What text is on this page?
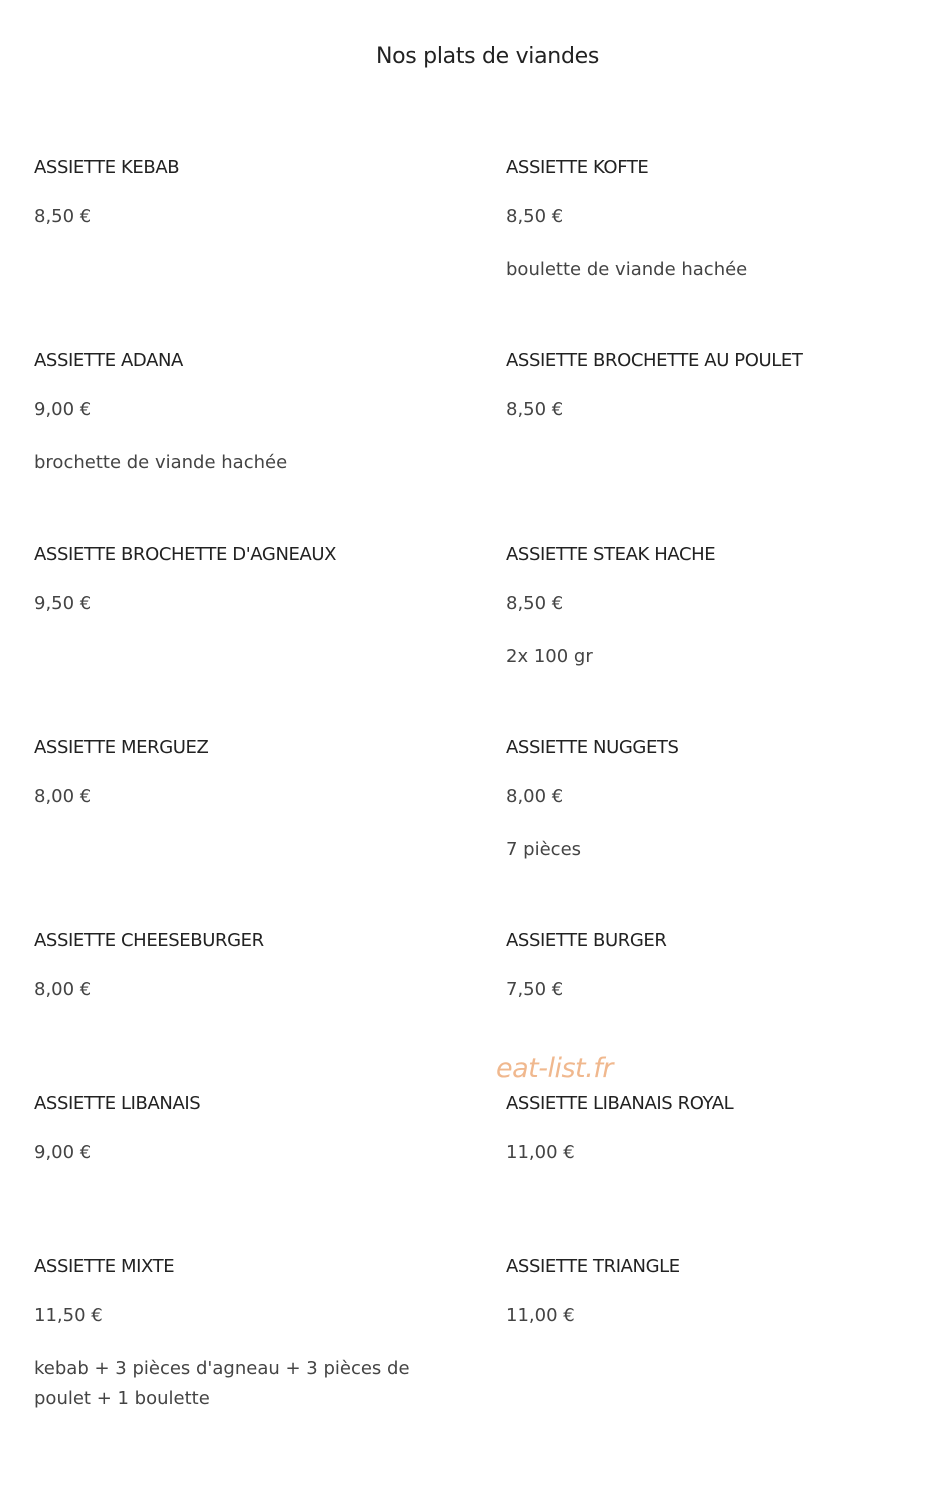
Nos plats de viandes
ASSIETTE KEBAB
8,50 €
ASSIETTE KOFTE
8,50 €
boulette de viande hachée
ASSIETTE ADANA
9,00 €
brochette de viande hachée
ASSIETTE BROCHETTE AU POULET
8,50 €
ASSIETTE BROCHETTE D'AGNEAUX
9,50 €
ASSIETTE STEAK HACHE
8,50 €
2x 100 gr
ASSIETTE MERGUEZ
8,00 €
ASSIETTE NUGGETS
8,00 €
7 pièces
ASSIETTE CHEESEBURGER
8,00 €
ASSIETTE BURGER
7,50 €
eat-list.fr
ASSIETTE LIBANAIS
9,00 €
ASSIETTE LIBANAIS ROYAL
11,00 €
ASSIETTE MIXTE
11,50 €
kebab + 3 pièces d'agneau + 3 pièces de poulet + 1 boulette
ASSIETTE TRIANGLE
11,00 €
